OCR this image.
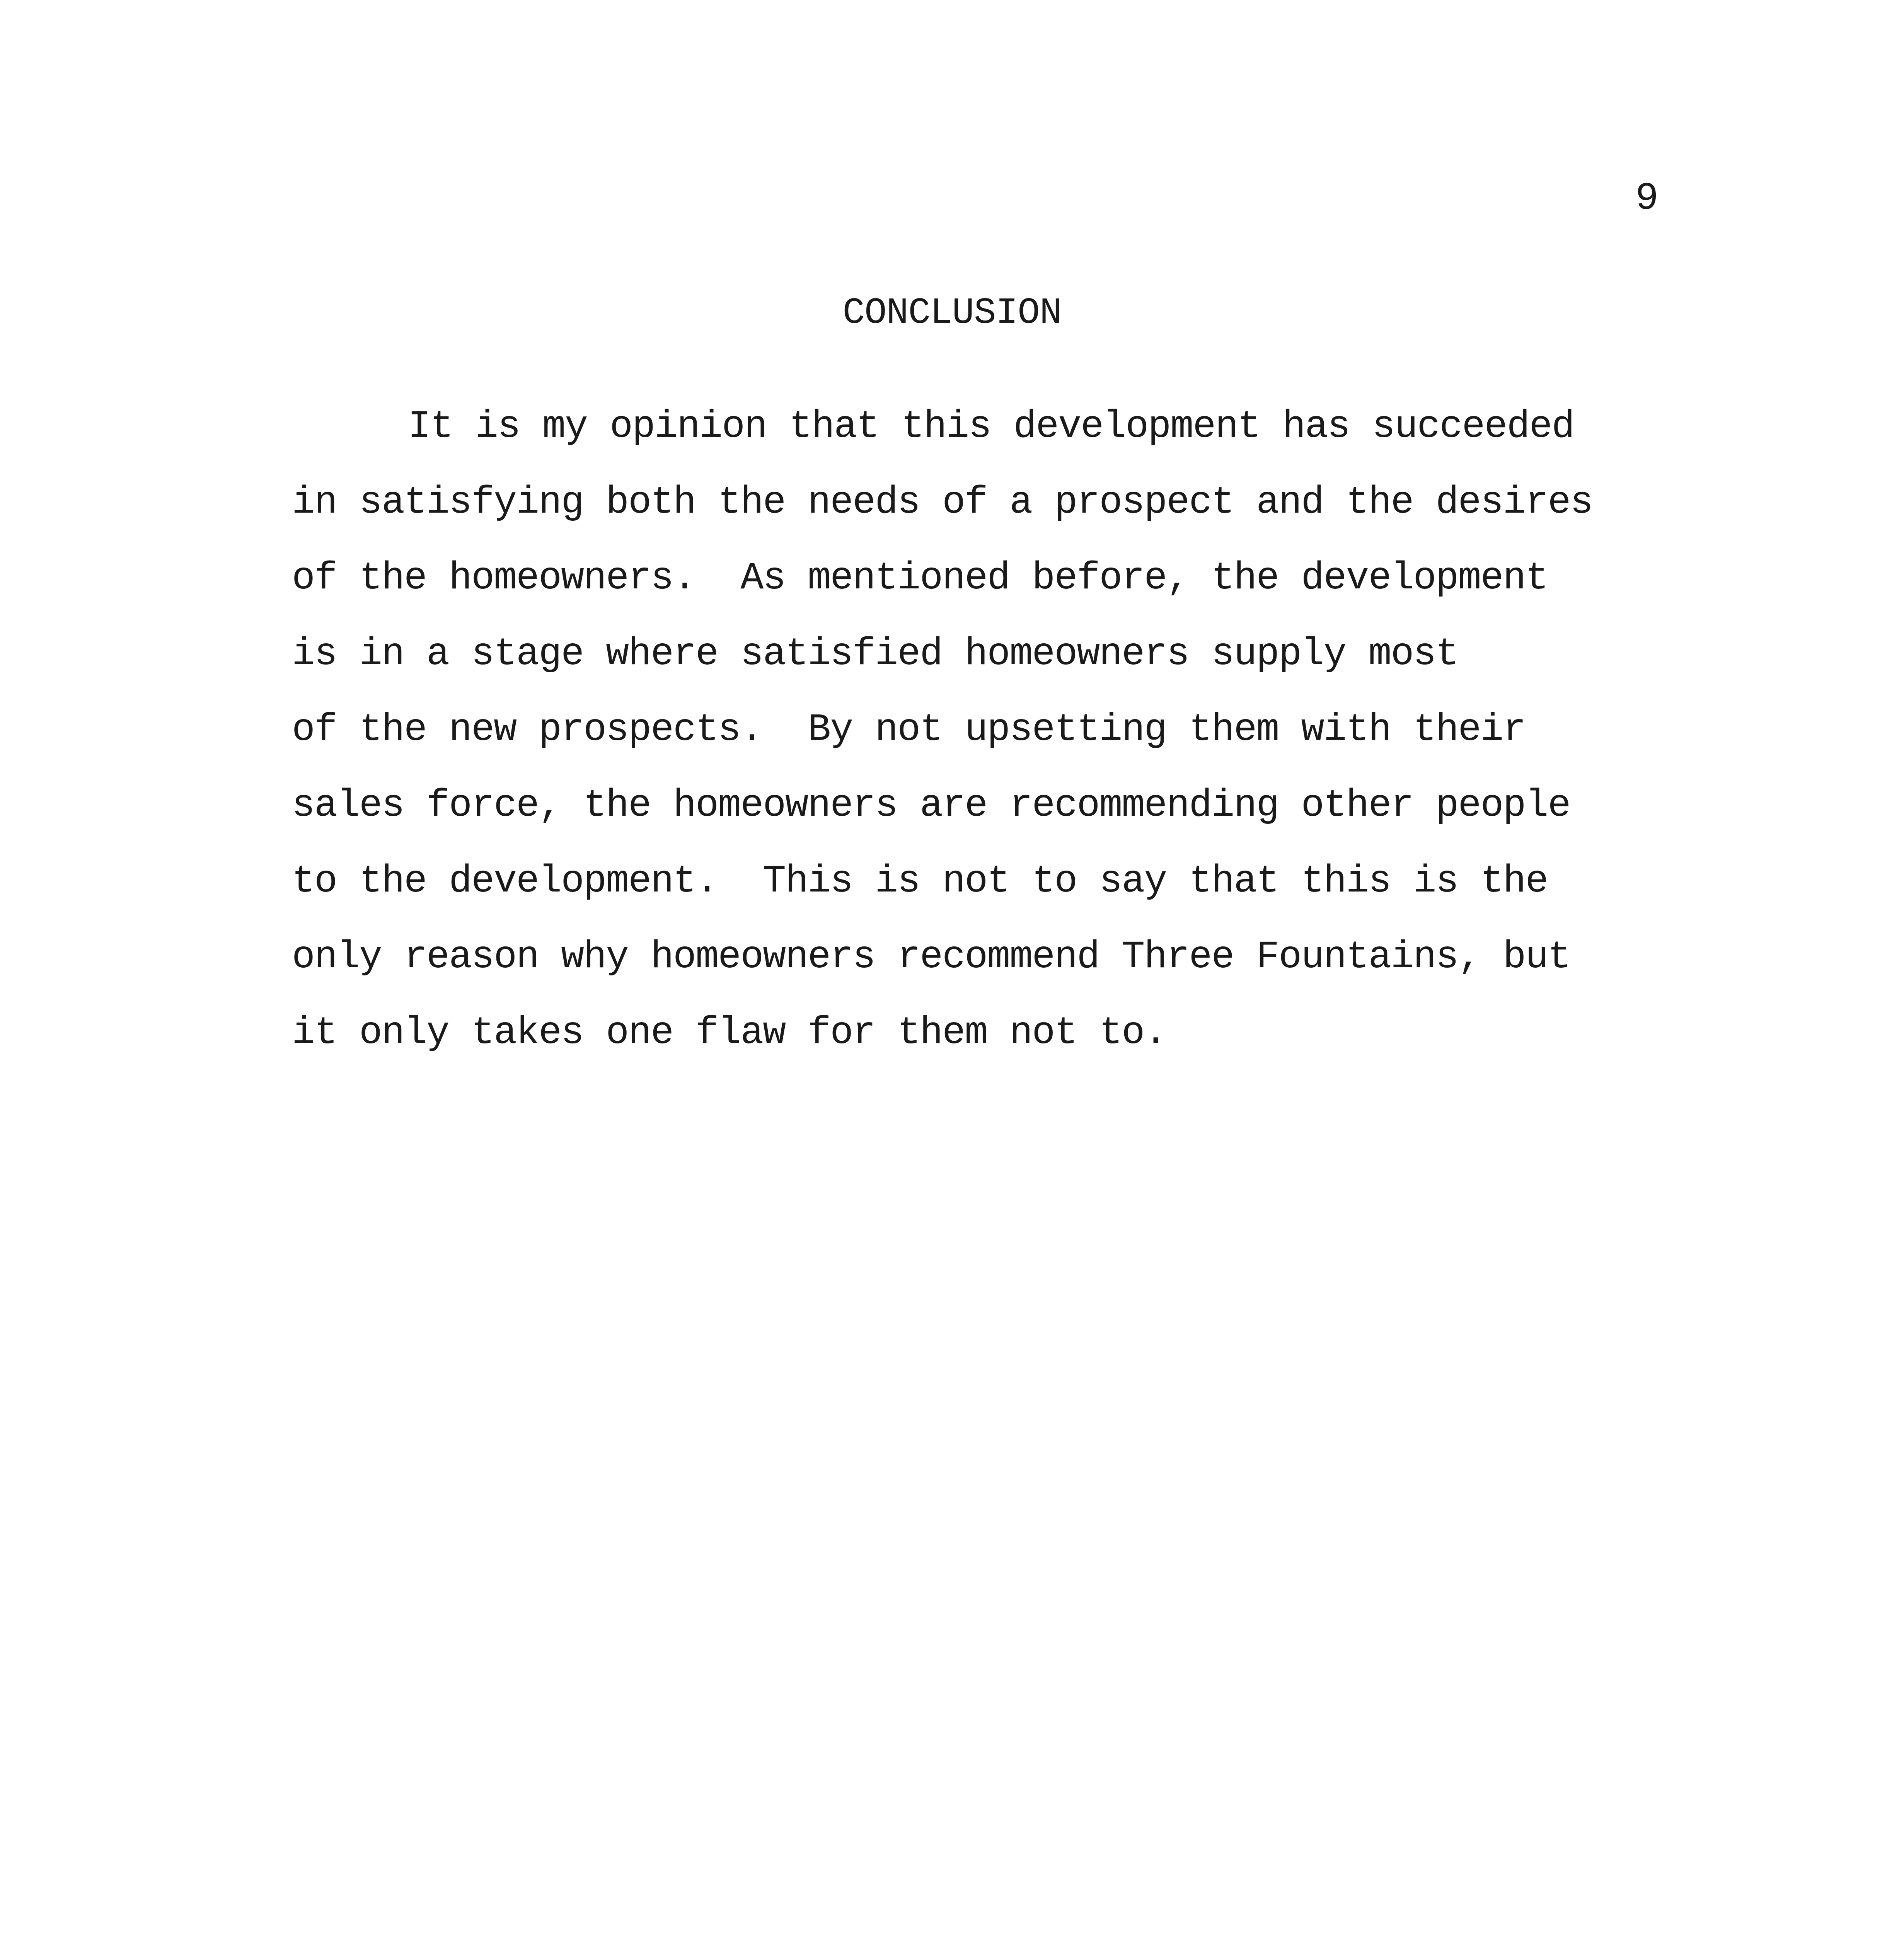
9
CONCLUSION
It is my opinion that this development has succeeded
in satisfying both the needs of a prospect and the desires
of the homeowners.  As mentioned before, the development
is in a stage where satisfied homeowners supply most
of the new prospects.  By not upsetting them with their
sales force, the homeowners are recommending other people
to the development.  This is not to say that this is the
only reason why homeowners recommend Three Fountains, but
it only takes one flaw for them not to.
